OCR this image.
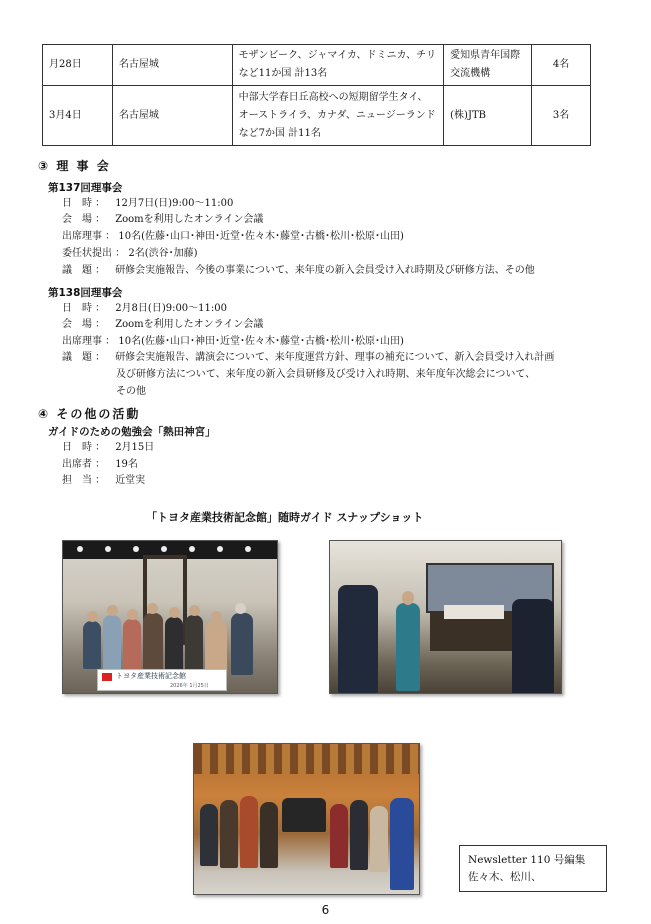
月28日	名古屋城	モザンビーク、ジャマイカ、ドミニカ、チリなど11か国 計13名	愛知県青年国際交流機構	4名
3月4日	名古屋城	中部大学春日丘高校への短期留学生タイ、オーストライラ、カナダ、ニュージーランドなど7か国 計11名	(株)JTB	3名
③ 理 事 会
第137回理事会
日　時 ： 12月7日(日)9:00～11:00
会　場 ： Zoomを利用したオンライン会議
出席理事 ： 10名(佐藤･山口･神田･近堂･佐々木･藤堂･古橋･松川･松原･山田)
委任状提出 ： 2名(渋谷･加藤)
議　題 ： 研修会実施報告、今後の事業について、来年度の新入会員受け入れ時期及び研修方法、その他
第138回理事会
日　時 ： 2月8日(日)9:00～11:00
会　場 ： Zoomを利用したオンライン会議
出席理事 ： 10名(佐藤･山口･神田･近堂･佐々木･藤堂･古橋･松川･松原･山田)
議　題 ： 研修会実施報告、講演会について、来年度運営方針、理事の補充について、新入会員受け入れ計画
及び研修方法について、来年度の新入会員研修及び受け入れ時期、来年度年次総会について、
その他
④ その他の活動
ガイドのための勉強会「熱田神宮」
日　時 ： 2月15日
出席者 ： 19名
担　当 ： 近堂実
「トヨタ産業技術記念館」随時ガイド スナップショット
トヨタ産業技術記念館
2026年 1月25日
Newsletter 110 号編集
佐々木、松川、
6
